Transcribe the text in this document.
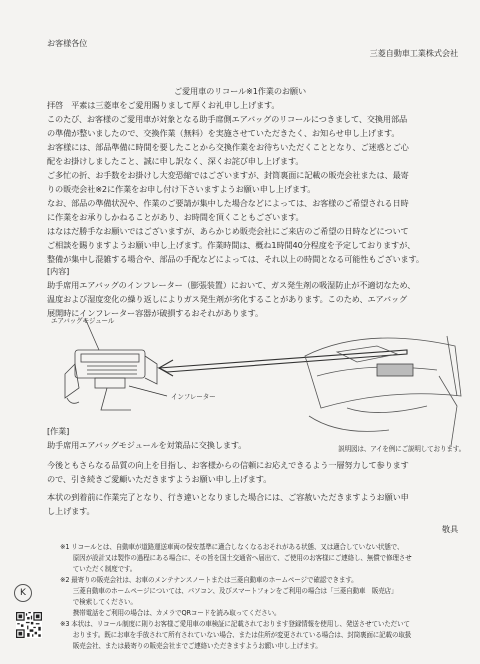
お客様各位
三菱自動車工業株式会社
ご愛用車のリコール※1作業のお願い
拝啓　平素は三菱車をご愛用賜りまして厚くお礼申し上げます。
このたび、お客様のご愛用車が対象となる助手席側エアバッグのリコールにつきまして、交換用部品
の準備が整いましたので、交換作業（無料）を実施させていただきたく、お知らせ申し上げます。
お客様には、部品準備に時間を要したことから交換作業をお待ちいただくこととなり、ご迷惑とご心
配をお掛けしましたこと、誠に申し訳なく、深くお詫び申し上げます。
ご多忙の折、お手数をお掛けし大変恐縮ではございますが、封筒裏面に記載の販売会社または、最寄
りの販売会社※2に作業をお申し付け下さいますようお願い申し上げます。
なお、部品の準備状況や、作業のご要請が集中した場合などによっては、お客様のご希望される日時
に作業をお承りしかねることがあり、お時間を頂くこともございます。
はなはだ勝手なお願いではございますが、あらかじめ販売会社にご来店のご希望の日時などについて
ご相談を賜りますようお願い申し上げます。作業時間は、概ね1時間40分程度を予定しておりますが、
整備が集中し混雑する場合や、部品の手配などによっては、それ以上の時間となる可能性もございます。
[内容]
助手席用エアバッグのインフレーター（膨張装置）において、ガス発生剤の吸湿防止が不適切なため、
温度および湿度変化の繰り返しによりガス発生剤が劣化することがあります。このため、エアバッグ
展開時にインフレーター容器が破損するおそれがあります。
エアバッグモジュール
インフレーター
説明図は、アイを例にご説明しております。
[作業]
助手席用エアバッグモジュールを対策品に交換します。
今後ともさらなる品質の向上を目指し、お客様からの信頼にお応えできるよう一層努力して参ります
ので、引き続きご愛顧いただきますようお願い申し上げます。
本状の到着前に作業完了となり、行き違いとなりました場合には、ご容赦いただきますようお願い申
し上げます。
敬具
※1 リコールとは、自動車が道路運送車両の保安基準に適合しなくなるおそれがある状態、又は適合していない状態で、
　　原因が設計又は製作の過程にある場合に、その旨を国土交通省へ届出て、ご使用のお客様にご連絡し、無償で修理させ
　　ていただく制度です。
※2 最寄りの販売会社は、お車のメンテナンスノートまたは三菱自動車のホームページで確認できます。
　　三菱自動車のホームページについては、パソコン、及びスマートフォンをご利用の場合は「三菱自動車　販売店」
　　で検索してください。
　　携帯電話をご利用の場合は、カメラでQRコードを読み取ってください。
※3 本状は、リコール制度に則りお客様ご愛用車の車検証に記載されております登録情報を使用し、発送させていただいて
　　おります。既にお車を手放されて所有されていない場合、または住所が変更されている場合は、封筒裏面に記載の取扱
　　販売会社、または最寄りの販売会社までご連絡いただきますようお願い申し上げます。
K
